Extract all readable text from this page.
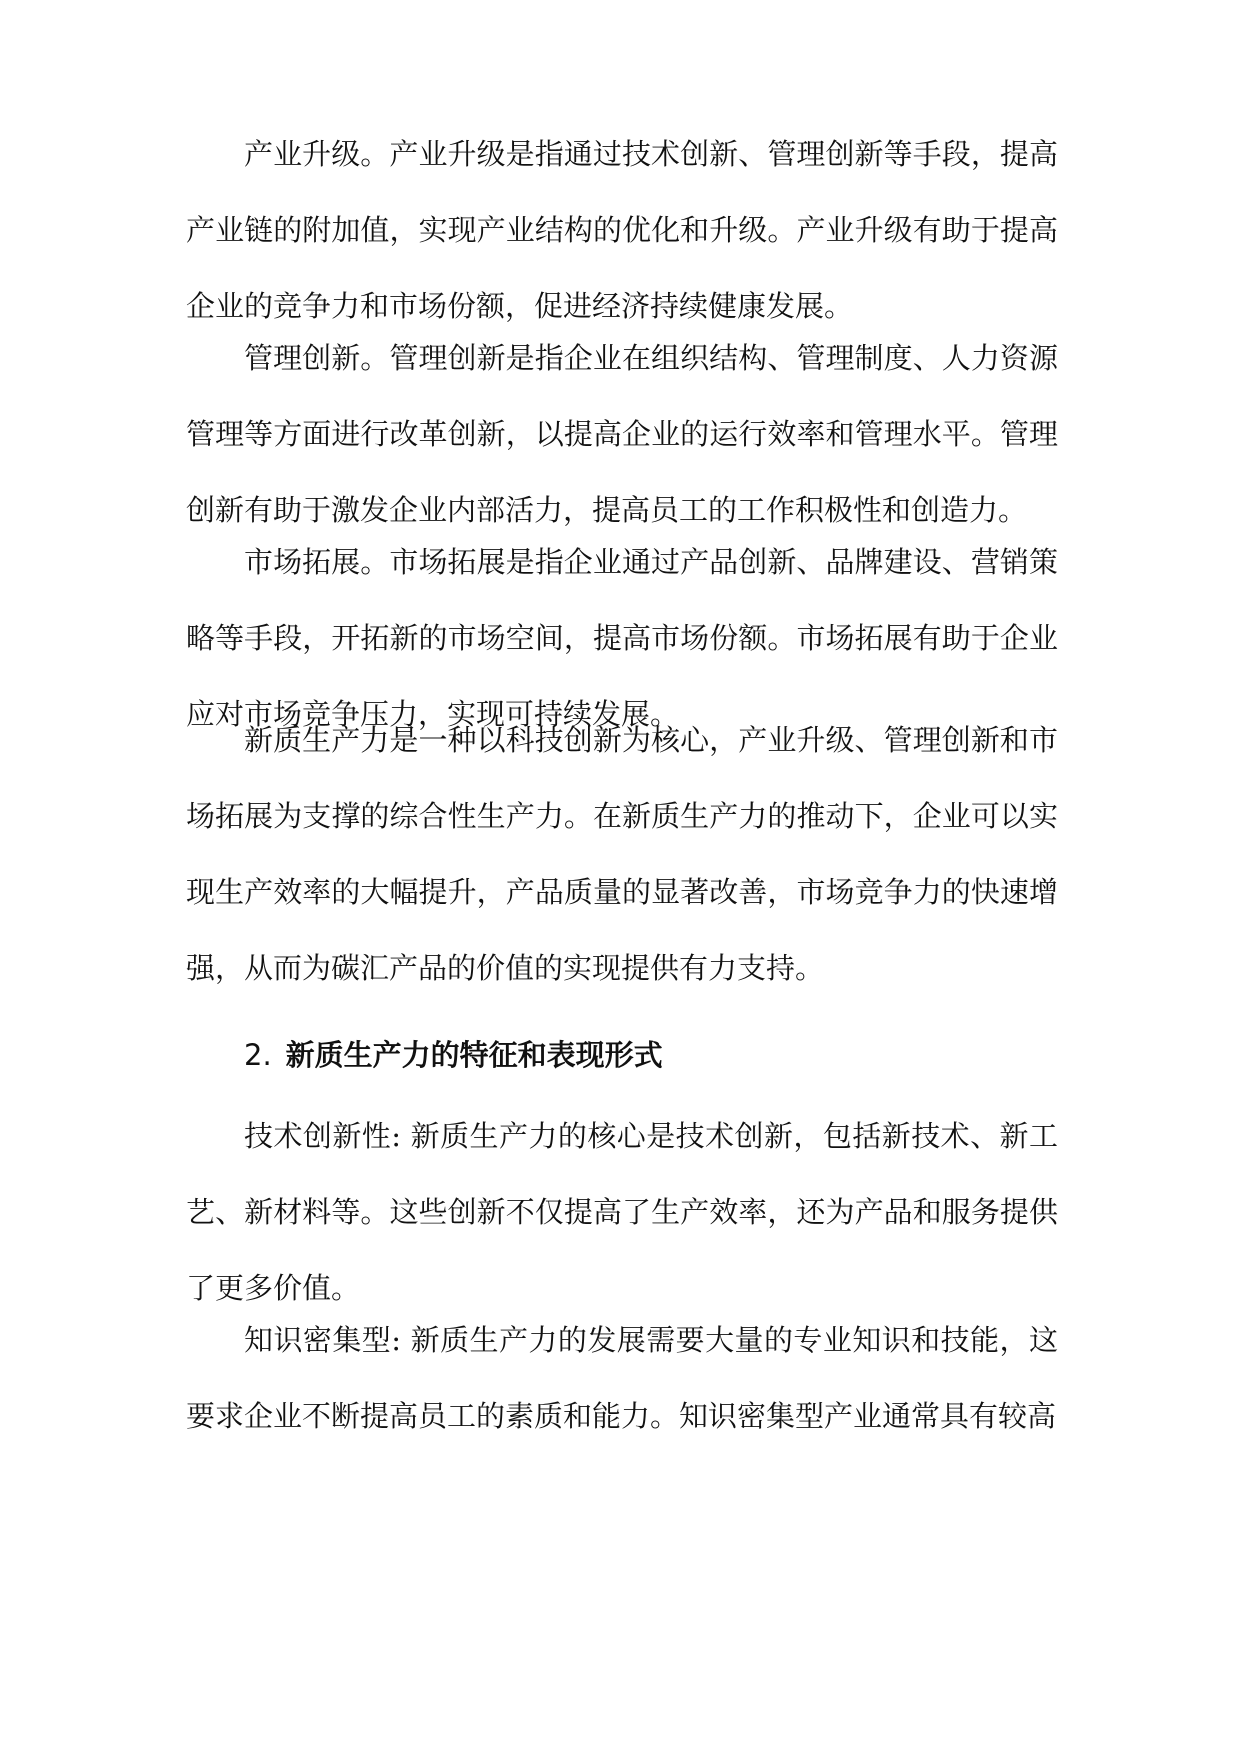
产业升级。产业升级是指通过技术创新、管理创新等手段，提高产业链的附加值，实现产业结构的优化和升级。产业升级有助于提高企业的竞争力和市场份额，促进经济持续健康发展。

管理创新。管理创新是指企业在组织结构、管理制度、人力资源管理等方面进行改革创新，以提高企业的运行效率和管理水平。管理创新有助于激发企业内部活力，提高员工的工作积极性和创造力。

市场拓展。市场拓展是指企业通过产品创新、品牌建设、营销策略等手段，开拓新的市场空间，提高市场份额。市场拓展有助于企业应对市场竞争压力，实现可持续发展。

新质生产力是一种以科技创新为核心，产业升级、管理创新和市场拓展为支撑的综合性生产力。在新质生产力的推动下，企业可以实现生产效率的大幅提升，产品质量的显著改善，市场竞争力的快速增强，从而为碳汇产品的价值的实现提供有力支持。

2. 新质生产力的特征和表现形式

技术创新性: 新质生产力的核心是技术创新，包括新技术、新工艺、新材料等。这些创新不仅提高了生产效率，还为产品和服务提供了更多价值。

知识密集型: 新质生产力的发展需要大量的专业知识和技能，这要求企业不断提高员工的素质和能力。知识密集型产业通常具有较高
